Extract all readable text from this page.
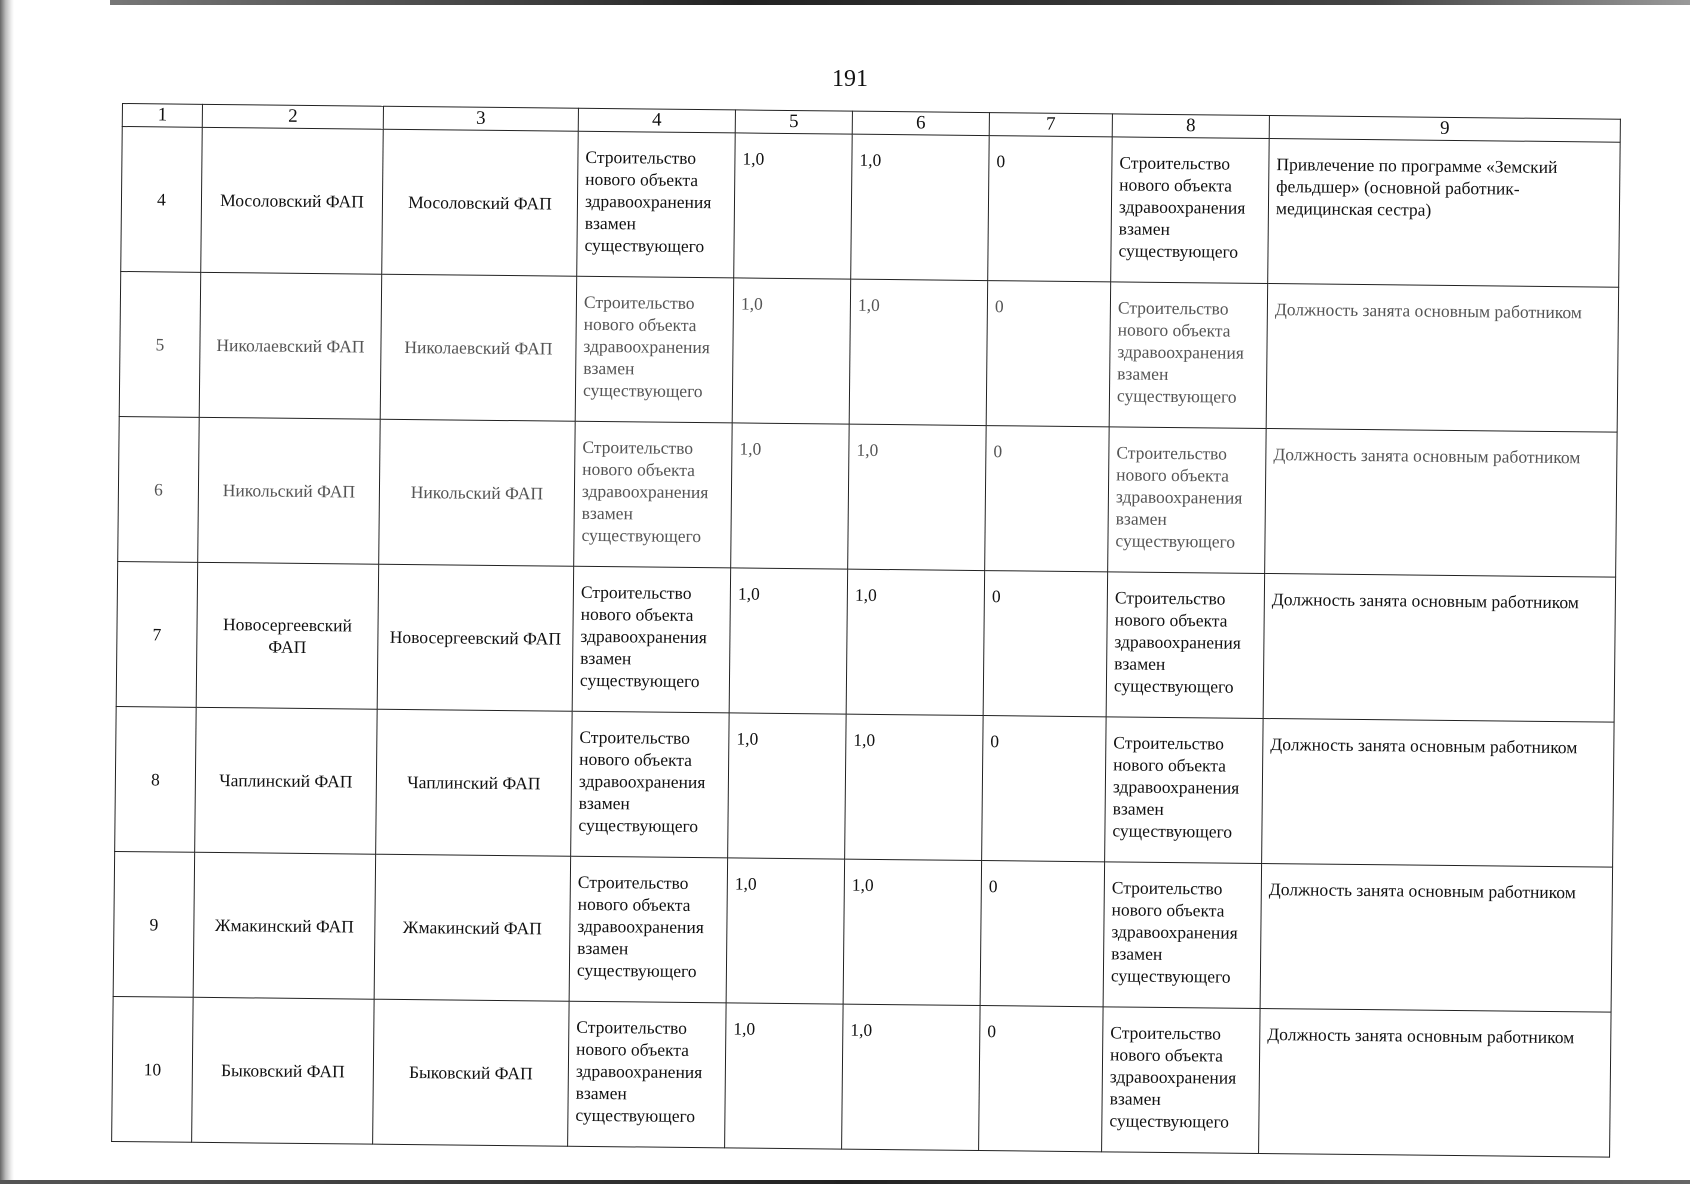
191
1	2	3	4	5	6	7	8	9
4	Мосоловский ФАП	Мосоловский ФАП	Строительство нового объекта здравоохранения взамен существующего	1,0	1,0	0	Строительство нового объекта здравоохранения взамен существующего	Привлечение по программе «Земский фельдшер» (основной работник- медицинская сестра)
5	Николаевский ФАП	Николаевский ФАП	Строительство нового объекта здравоохранения взамен существующего	1,0	1,0	0	Строительство нового объекта здравоохранения взамен существующего	Должность занята основным работником
6	Никольский ФАП	Никольский ФАП	Строительство нового объекта здравоохранения взамен существующего	1,0	1,0	0	Строительство нового объекта здравоохранения взамен существующего	Должность занята основным работником
7	Новосергеевский ФАП	Новосергеевский ФАП	Строительство нового объекта здравоохранения взамен существующего	1,0	1,0	0	Строительство нового объекта здравоохранения взамен существующего	Должность занята основным работником
8	Чаплинский ФАП	Чаплинский ФАП	Строительство нового объекта здравоохранения взамен существующего	1,0	1,0	0	Строительство нового объекта здравоохранения взамен существующего	Должность занята основным работником
9	Жмакинский ФАП	Жмакинский ФАП	Строительство нового объекта здравоохранения взамен существующего	1,0	1,0	0	Строительство нового объекта здравоохранения взамен существующего	Должность занята основным работником
10	Быковский ФАП	Быковский ФАП	Строительство нового объекта здравоохранения взамен существующего	1,0	1,0	0	Строительство нового объекта здравоохранения взамен существующего	Должность занята основным работником
